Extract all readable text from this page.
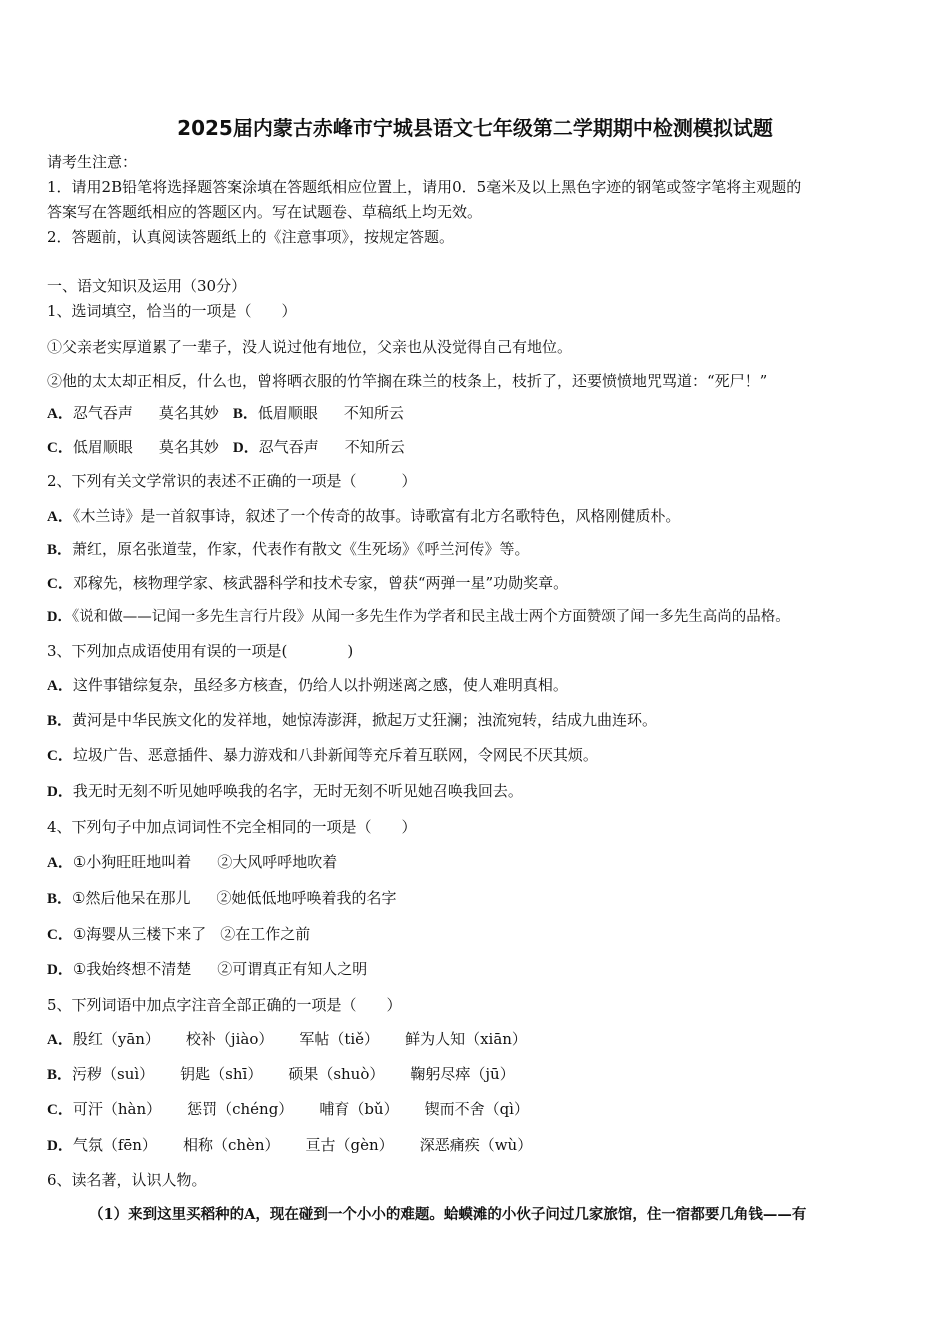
2025届内蒙古赤峰市宁城县语文七年级第二学期期中检测模拟试题
请考生注意：
1．请用2B铅笔将选择题答案涂填在答题纸相应位置上，请用0．5毫米及以上黑色字迹的钢笔或签字笔将主观题的
答案写在答题纸相应的答题区内。写在试题卷、草稿纸上均无效。
2．答题前，认真阅读答题纸上的《注意事项》，按规定答题。
一、语文知识及运用（30分）
1、选词填空，恰当的一项是（　　）
①父亲老实厚道累了一辈子，没人说过他有地位，父亲也从没觉得自己有地位。
②他的太太却正相反，什么也，曾将晒衣服的竹竿搁在珠兰的枝条上，枝折了，还要愤愤地咒骂道：“死尸！”
A．忍气吞声 莫名其妙 B．低眉顺眼 不知所云
C．低眉顺眼 莫名其妙 D．忍气吞声 不知所云
2、下列有关文学常识的表述不正确的一项是（　　　）
A．《木兰诗》是一首叙事诗，叙述了一个传奇的故事。诗歌富有北方名歌特色，风格刚健质朴。
B．萧红，原名张道莹，作家，代表作有散文《生死场》《呼兰河传》等。
C．邓稼先，核物理学家、核武器科学和技术专家，曾获“两弹一星”功勋奖章。
D．《说和做——记闻一多先生言行片段》从闻一多先生作为学者和民主战士两个方面赞颂了闻一多先生高尚的品格。
3、下列加点成语使用有误的一项是(　　　　)
A．这件事错综复杂，虽经多方核查，仍给人以扑朔迷离之感，使人难明真相。
B．黄河是中华民族文化的发祥地，她惊涛澎湃，掀起万丈狂澜；浊流宛转，结成九曲连环。
C．垃圾广告、恶意插件、暴力游戏和八卦新闻等充斥着互联网，令网民不厌其烦。
D．我无时无刻不听见她呼唤我的名字，无时无刻不听见她召唤我回去。
4、下列句子中加点词词性不完全相同的一项是（　　）
A．①小狗旺旺地叫着 ②大风呼呼地吹着
B．①然后他呆在那儿 ②她低低地呼唤着我的名字
C．①海婴从三楼下来了 ②在工作之前
D．①我始终想不清楚 ②可谓真正有知人之明
5、下列词语中加点字注音全部正确的一项是（　　）
A．殷红（yān） 校补（jiào） 军帖（tiě） 鲜为人知（xiān）
B．污秽（suì） 钥匙（shī） 硕果（shuò） 鞠躬尽瘁（jū）
C．可汗（hàn） 惩罚（chéng） 哺育（bǔ） 锲而不舍（qì）
D．气氛（fēn） 相称（chèn） 亘古（gèn） 深恶痛疾（wù）
6、读名著，认识人物。
（1）来到这里买稻种的A，现在碰到一个小小的难题。蛤蟆滩的小伙子问过几家旅馆，住一宿都要几角钱——有
